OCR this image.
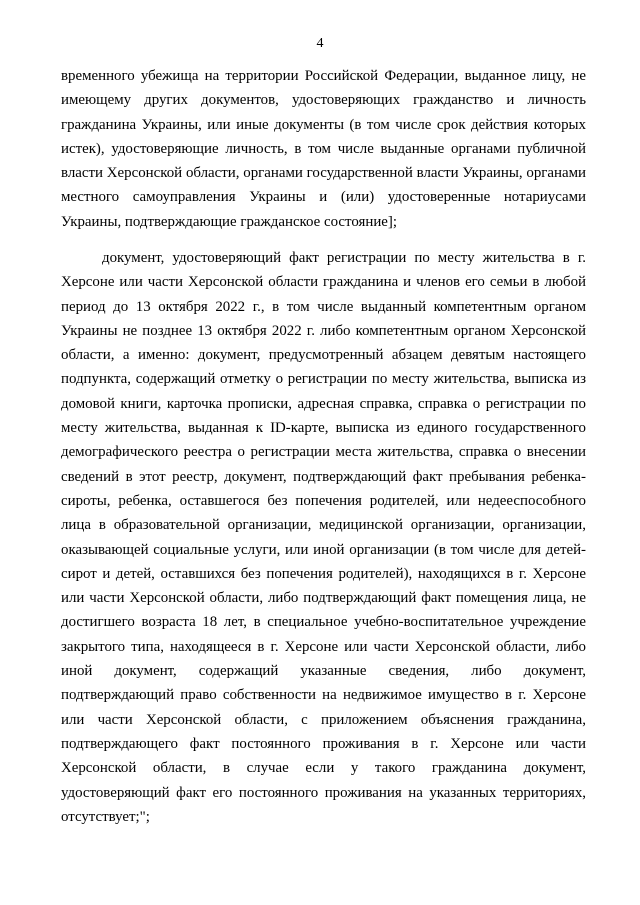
4

временного убежища на территории Российской Федерации, выданное лицу, не имеющему других документов, удостоверяющих гражданство и личность гражданина Украины, или иные документы (в том числе срок действия которых истек), удостоверяющие личность, в том числе выданные органами публичной власти Херсонской области, органами государственной власти Украины, органами местного самоуправления Украины и (или) удостоверенные нотариусами Украины, подтверждающие гражданское состояние];

документ, удостоверяющий факт регистрации по месту жительства в г. Херсоне или части Херсонской области гражданина и членов его семьи в любой период до 13 октября 2022 г., в том числе выданный компетентным органом Украины не позднее 13 октября 2022 г. либо компетентным органом Херсонской области, а именно: документ, предусмотренный абзацем девятым настоящего подпункта, содержащий отметку о регистрации по месту жительства, выписка из домовой книги, карточка прописки, адресная справка, справка о регистрации по месту жительства, выданная к ID-карте, выписка из единого государственного демографического реестра о регистрации места жительства, справка о внесении сведений в этот реестр, документ, подтверждающий факт пребывания ребенка-сироты, ребенка, оставшегося без попечения родителей, или недееспособного лица в образовательной организации, медицинской организации, организации, оказывающей социальные услуги, или иной организации (в том числе для детей-сирот и детей, оставшихся без попечения родителей), находящихся в г. Херсоне или части Херсонской области, либо подтверждающий факт помещения лица, не достигшего возраста 18 лет, в специальное учебно-воспитательное учреждение закрытого типа, находящееся в г. Херсоне или части Херсонской области, либо иной документ, содержащий указанные сведения, либо документ, подтверждающий право собственности на недвижимое имущество в г. Херсоне или части Херсонской области, с приложением объяснения гражданина, подтверждающего факт постоянного проживания в г. Херсоне или части Херсонской области, в случае если у такого гражданина документ, удостоверяющий факт его постоянного проживания на указанных территориях, отсутствует;";
